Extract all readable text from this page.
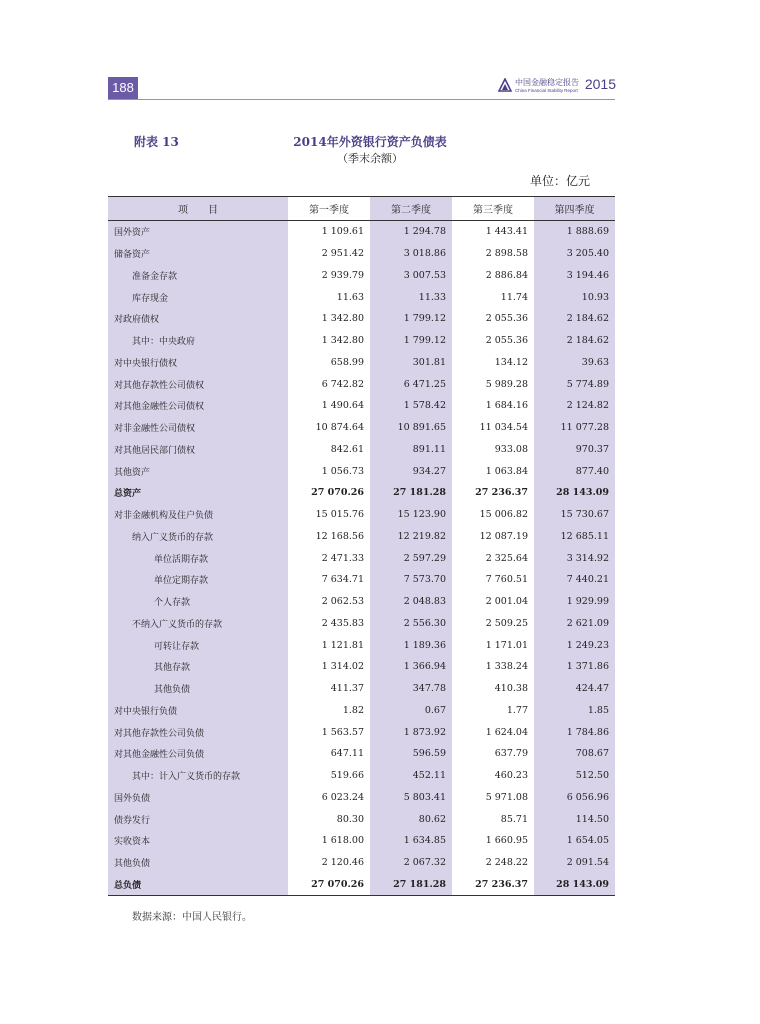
188	中国金融稳定报告
China Financial Stability Report 2015
附表 13	2014年外资银行资产负债表
（季末余额）
单位：亿元
项　　目	第一季度	第二季度	第三季度	第四季度
国外资产	1 109.61	1 294.78	1 443.41	1 888.69
储备资产	2 951.42	3 018.86	2 898.58	3 205.40
准备金存款	2 939.79	3 007.53	2 886.84	3 194.46
库存现金	11.63	11.33	11.74	10.93
对政府债权	1 342.80	1 799.12	2 055.36	2 184.62
其中：中央政府	1 342.80	1 799.12	2 055.36	2 184.62
对中央银行债权	658.99	301.81	134.12	39.63
对其他存款性公司债权	6 742.82	6 471.25	5 989.28	5 774.89
对其他金融性公司债权	1 490.64	1 578.42	1 684.16	2 124.82
对非金融性公司债权	10 874.64	10 891.65	11 034.54	11 077.28
对其他居民部门债权	842.61	891.11	933.08	970.37
其他资产	1 056.73	934.27	1 063.84	877.40
总资产	27 070.26	27 181.28	27 236.37	28 143.09
对非金融机构及住户负债	15 015.76	15 123.90	15 006.82	15 730.67
纳入广义货币的存款	12 168.56	12 219.82	12 087.19	12 685.11
单位活期存款	2 471.33	2 597.29	2 325.64	3 314.92
单位定期存款	7 634.71	7 573.70	7 760.51	7 440.21
个人存款	2 062.53	2 048.83	2 001.04	1 929.99
不纳入广义货币的存款	2 435.83	2 556.30	2 509.25	2 621.09
可转让存款	1 121.81	1 189.36	1 171.01	1 249.23
其他存款	1 314.02	1 366.94	1 338.24	1 371.86
其他负债	411.37	347.78	410.38	424.47
对中央银行负债	1.82	0.67	1.77	1.85
对其他存款性公司负债	1 563.57	1 873.92	1 624.04	1 784.86
对其他金融性公司负债	647.11	596.59	637.79	708.67
其中：计入广义货币的存款	519.66	452.11	460.23	512.50
国外负债	6 023.24	5 803.41	5 971.08	6 056.96
债券发行	80.30	80.62	85.71	114.50
实收资本	1 618.00	1 634.85	1 660.95	1 654.05
其他负债	2 120.46	2 067.32	2 248.22	2 091.54
总负债	27 070.26	27 181.28	27 236.37	28 143.09
数据来源：中国人民银行。
